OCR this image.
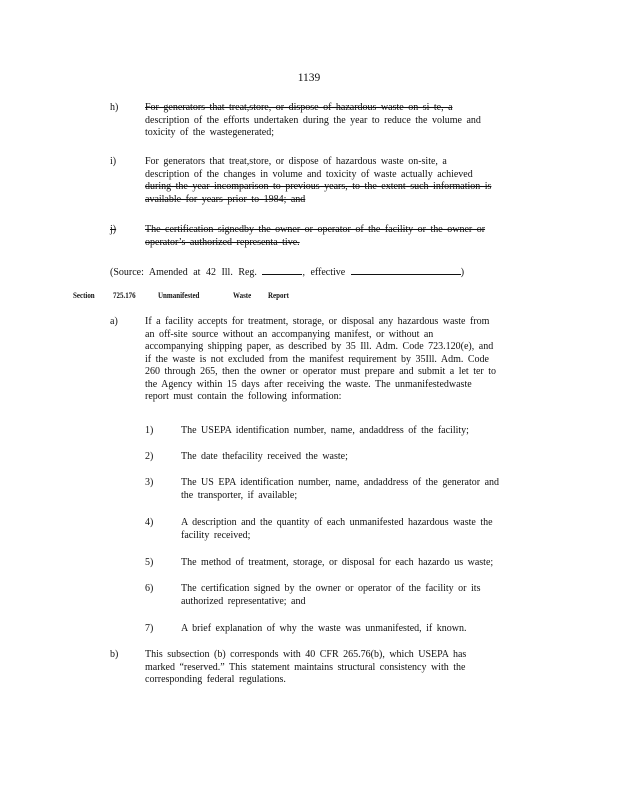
1139
h)	For generators that treat,store, or dispose of hazardous waste on si te, a
description of the efforts undertaken during the year to reduce the volume and
toxicity of the wastegenerated;
i)	For generators that treat,store, or dispose of hazardous waste on-site, a
description of the changes in volume and toxicity of waste actually achieved
during the year incomparison to previous years, to the extent such information is
available for years prior to 1984; and
j)	The certification signedby the owner or operator of the facility or the owner or
operator’s authorized representa tive.
(Source: Amended at 42 Ill. Reg.	, effective	)
Section 725.176	Unmanifested	Waste Report
a)	If a facility accepts for treatment, storage, or disposal any hazardous waste from
an off-site source without an accompanying manifest, or without an
accompanying shipping paper, as described by 35 Ill. Adm. Code 723.120(e), and
if the waste is not excluded from the manifest requirement by 35Ill. Adm. Code
260 through 265, then the owner or operator must prepare and submit a let ter to
the Agency within 15 days after receiving the waste. The unmanifestedwaste
report must contain the following information:
1)	The USEPA identification number, name, andaddress of the facility;
2)	The date thefacility received the waste;
3)	The US EPA identification number, name, andaddress of the generator and
the transporter, if available;
4)	A description and the quantity of each unmanifested hazardous waste the
facility received;
5)	The method of treatment, storage, or disposal for each hazardo us waste;
6)	The certification signed by the owner or operator of the facility or its
authorized representative; and
7)	A brief explanation of why the waste was unmanifested, if known.
b)	This subsection (b) corresponds with 40 CFR 265.76(b), which USEPA has
marked “reserved.” This statement maintains structural consistency with the
corresponding federal regulations.
